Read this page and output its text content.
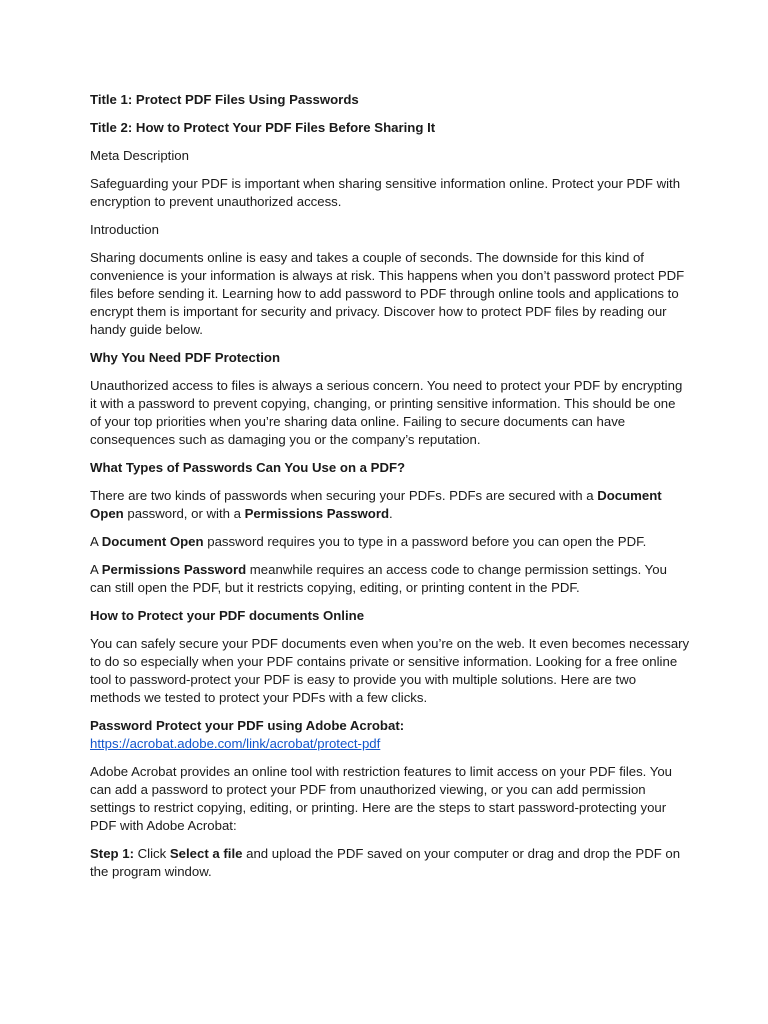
Title 1: Protect PDF Files Using Passwords

Title 2: How to Protect Your PDF Files Before Sharing It

Meta Description

Safeguarding your PDF is important when sharing sensitive information online. Protect your PDF with encryption to prevent unauthorized access.

Introduction

Sharing documents online is easy and takes a couple of seconds. The downside for this kind of convenience is your information is always at risk. This happens when you don’t password protect PDF files before sending it. Learning how to add password to PDF through online tools and applications to encrypt them is important for security and privacy. Discover how to protect PDF files by reading our handy guide below.

Why You Need PDF Protection

Unauthorized access to files is always a serious concern. You need to protect your PDF by encrypting it with a password to prevent copying, changing, or printing sensitive information. This should be one of your top priorities when you’re sharing data online. Failing to secure documents can have consequences such as damaging you or the company’s reputation.

What Types of Passwords Can You Use on a PDF?

There are two kinds of passwords when securing your PDFs. PDFs are secured with a Document Open password, or with a Permissions Password.

A Document Open password requires you to type in a password before you can open the PDF.

A Permissions Password meanwhile requires an access code to change permission settings. You can still open the PDF, but it restricts copying, editing, or printing content in the PDF.

How to Protect your PDF documents Online

You can safely secure your PDF documents even when you’re on the web. It even becomes necessary to do so especially when your PDF contains private or sensitive information. Looking for a free online tool to password-protect your PDF is easy to provide you with multiple solutions. Here are two methods we tested to protect your PDFs with a few clicks.

Password Protect your PDF using Adobe Acrobat:
https://acrobat.adobe.com/link/acrobat/protect-pdf

Adobe Acrobat provides an online tool with restriction features to limit access on your PDF files. You can add a password to protect your PDF from unauthorized viewing, or you can add permission settings to restrict copying, editing, or printing. Here are the steps to start password-protecting your PDF with Adobe Acrobat:

Step 1: Click Select a file and upload the PDF saved on your computer or drag and drop the PDF on the program window.
